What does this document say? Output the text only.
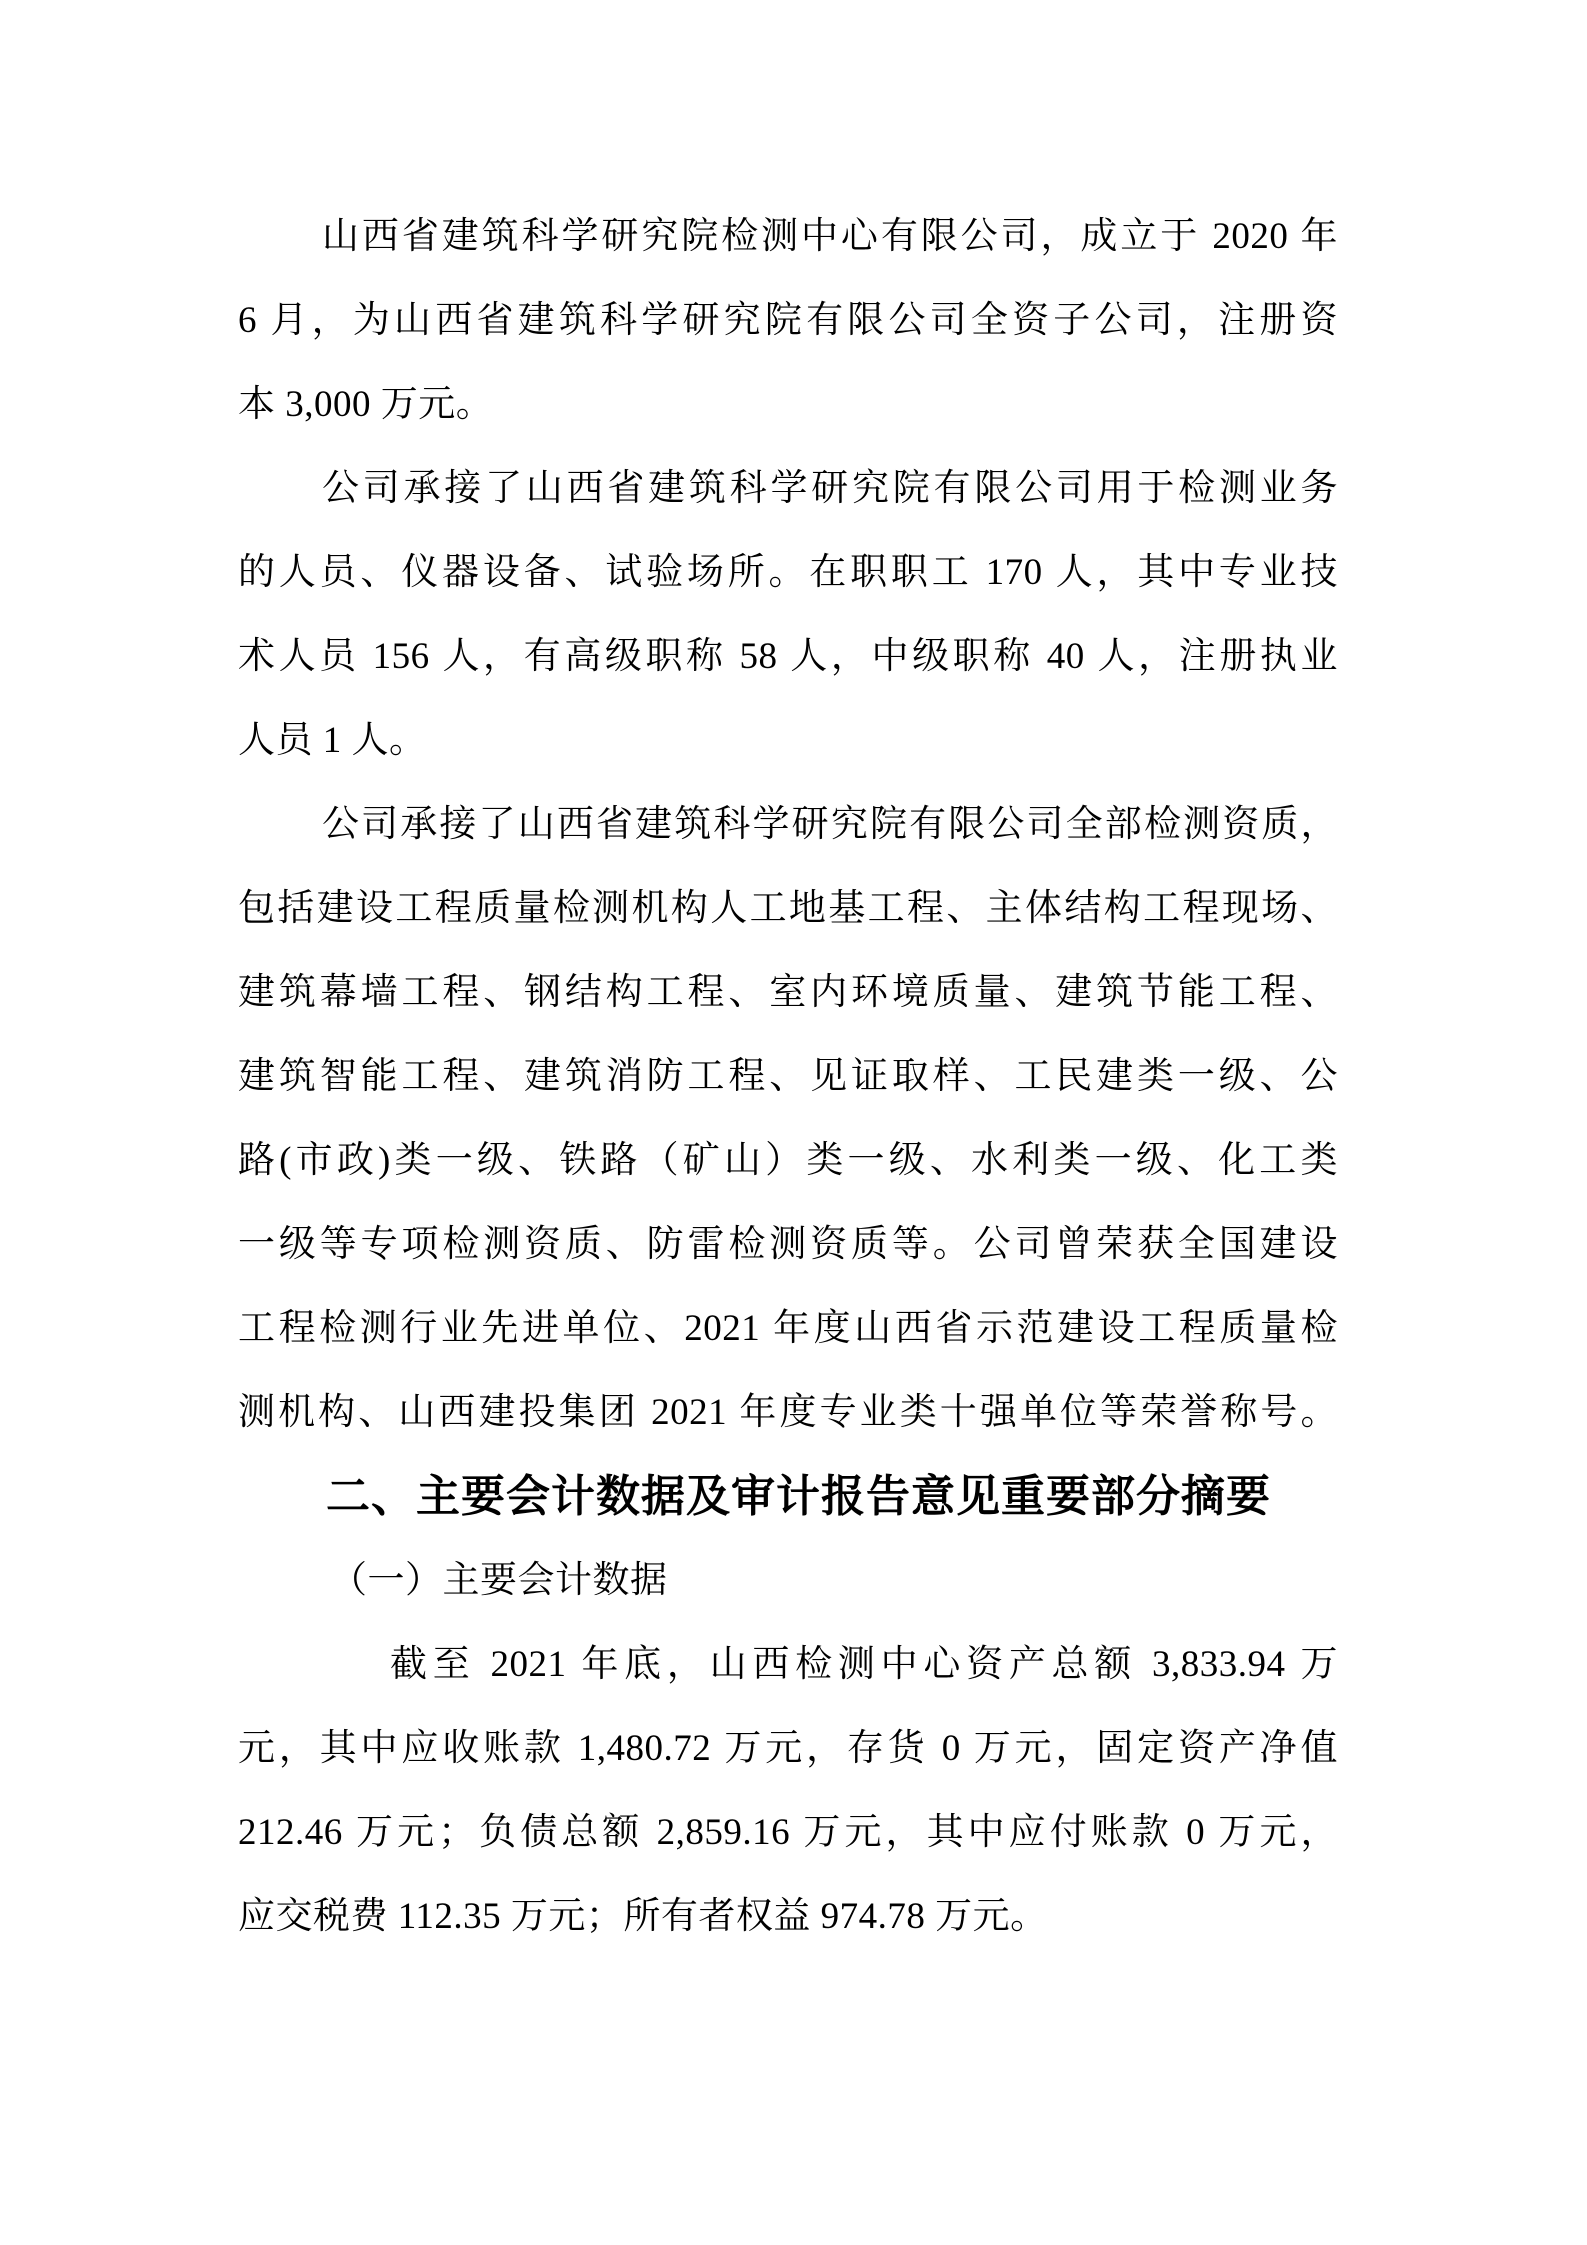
山西省建筑科学研究院检测中心有限公司，成立于 2020 年
6 月，为山西省建筑科学研究院有限公司全资子公司，注册资
本 3,000 万元。
公司承接了山西省建筑科学研究院有限公司用于检测业务
的人员、仪器设备、试验场所。在职职工 170 人，其中专业技
术人员 156 人，有高级职称 58 人，中级职称 40 人，注册执业
人员 1 人。
公司承接了山西省建筑科学研究院有限公司全部检测资质，
包括建设工程质量检测机构人工地基工程、主体结构工程现场、
建筑幕墙工程、钢结构工程、室内环境质量、建筑节能工程、
建筑智能工程、建筑消防工程、见证取样、工民建类一级、公
路(市政)类一级、铁路（矿山）类一级、水利类一级、化工类
一级等专项检测资质、防雷检测资质等。公司曾荣获全国建设
工程检测行业先进单位、2021 年度山西省示范建设工程质量检
测机构、山西建投集团 2021 年度专业类十强单位等荣誉称号。
二、主要会计数据及审计报告意见重要部分摘要
（一）主要会计数据
截至 2021 年底，山西检测中心资产总额 3,833.94 万
元，其中应收账款 1,480.72 万元，存货 0 万元，固定资产净值
212.46 万元；负债总额 2,859.16 万元，其中应付账款 0 万元，
应交税费 112.35 万元；所有者权益 974.78 万元。
